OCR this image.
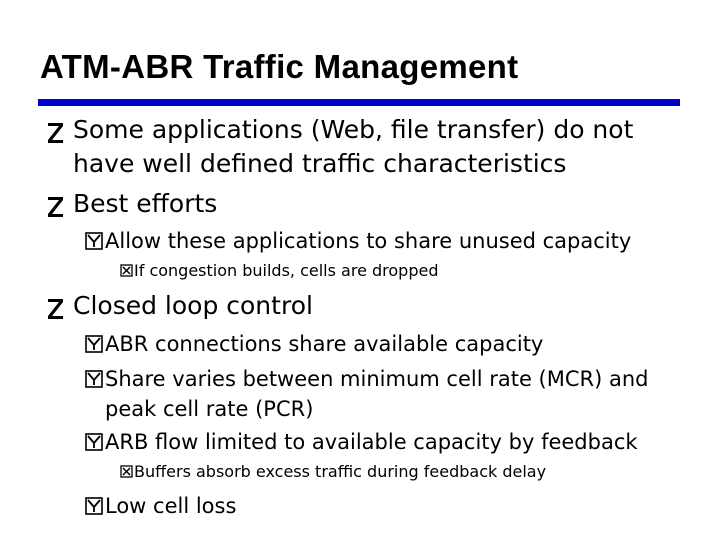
ATM-ABR Traffic Management
Some applications (Web, file transfer) do not
have well defined traffic characteristics
Best efforts
Allow these applications to share unused capacity
If congestion builds, cells are dropped
Closed loop control
ABR connections share available capacity
Share varies between minimum cell rate (MCR) and
peak cell rate (PCR)
ARB flow limited to available capacity by feedback
Buffers absorb excess traffic during feedback delay
Low cell loss
